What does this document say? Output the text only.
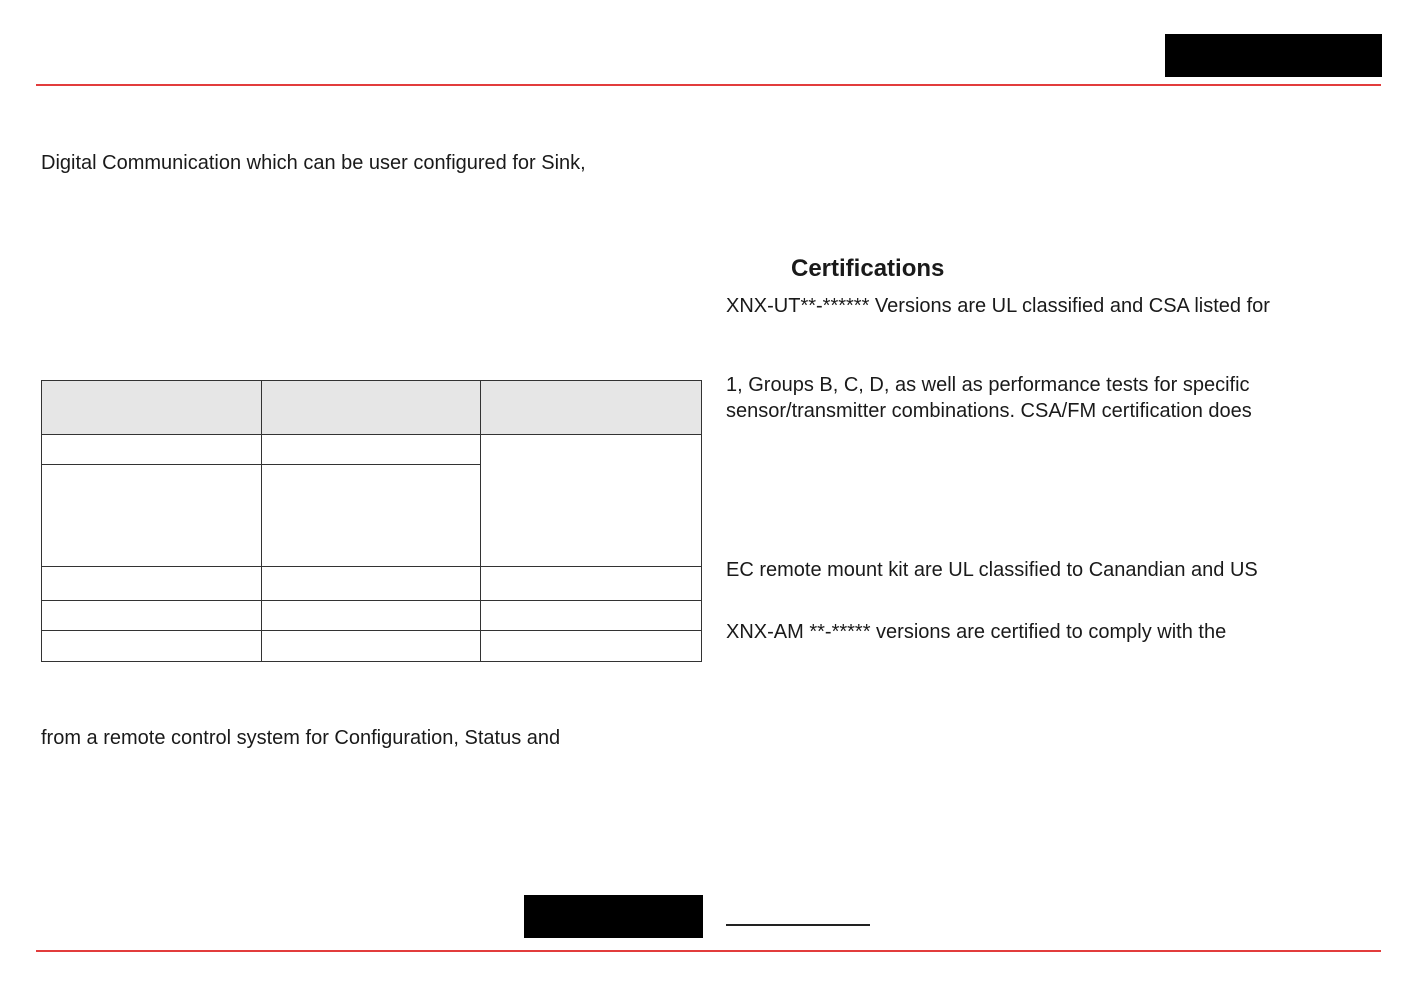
Digital Communication which can be user configured for Sink,

from a remote control system for Configuration, Status and
Certifications
XNX-UT**-****** Versions are UL classified and CSA listed for
1, Groups B, C, D, as well as performance tests for specific
sensor/transmitter combinations. CSA/FM certification does
EC remote mount kit are UL classified to Canandian and US
XNX-AM **-***** versions are certified to comply with the
